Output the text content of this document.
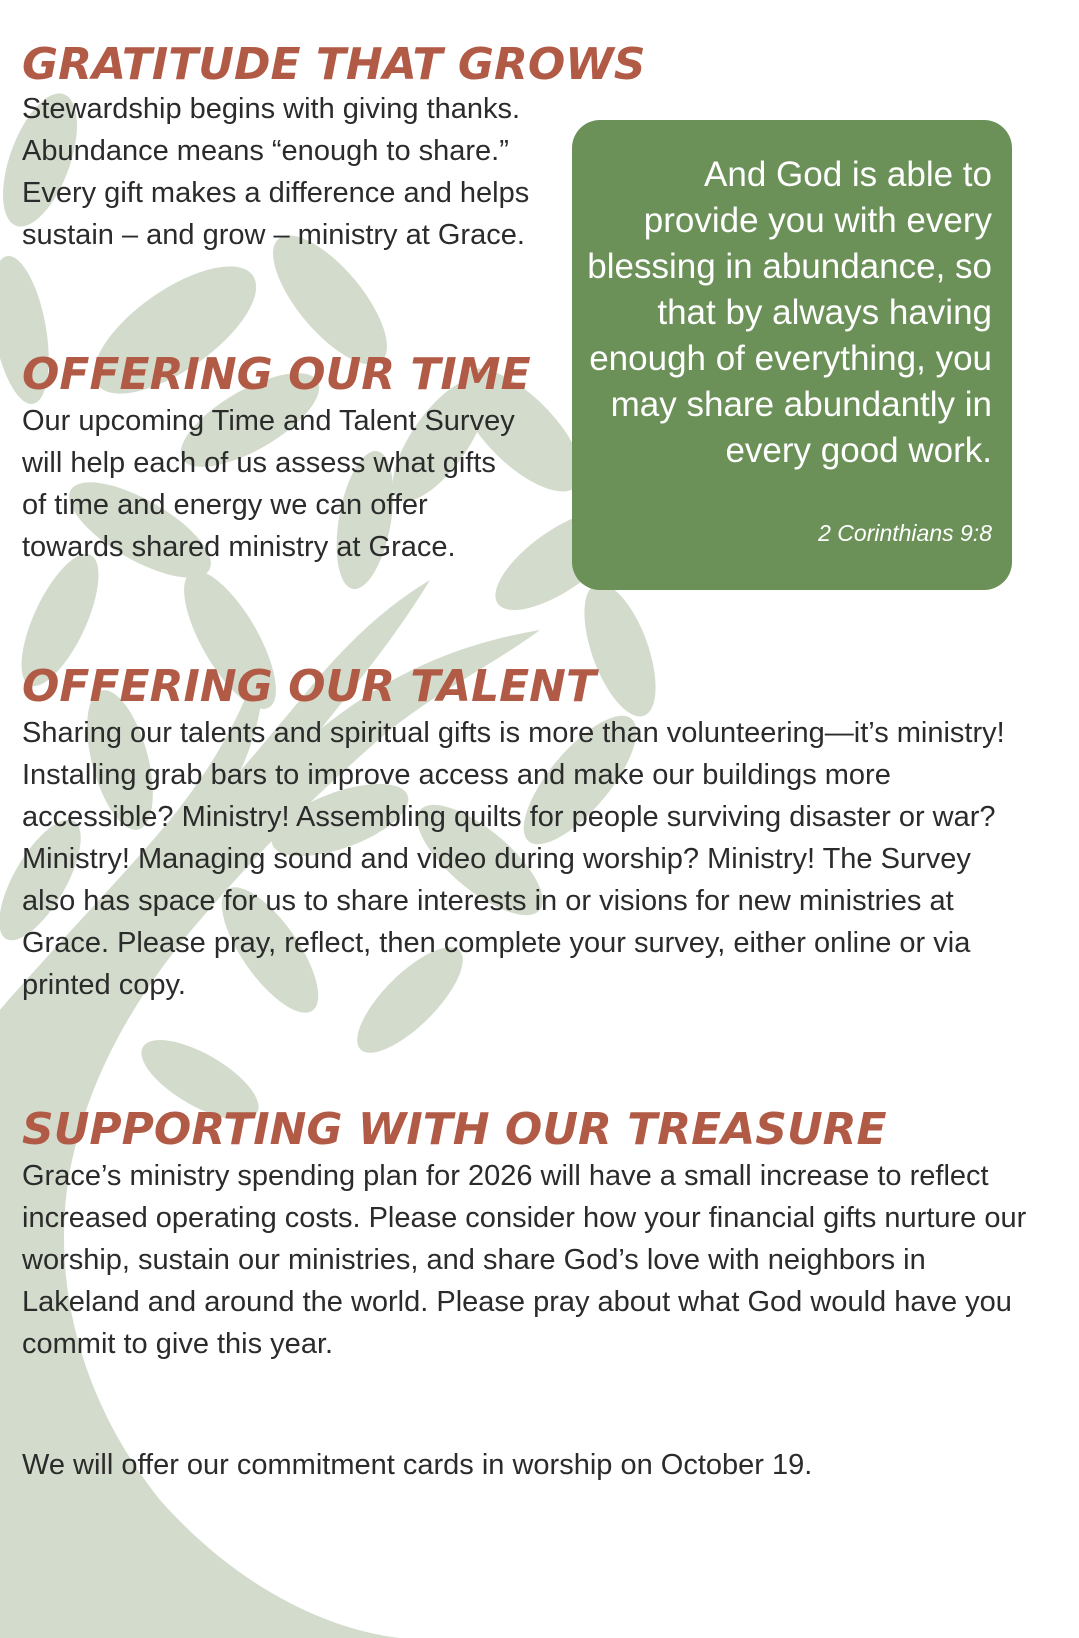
GRATITUDE THAT GROWS

Stewardship begins with giving thanks. Abundance means “enough to share.” Every gift makes a difference and helps sustain – and grow – ministry at Grace.

OFFERING OUR TIME

Our upcoming Time and Talent Survey will help each of us assess what gifts of time and energy we can offer towards shared ministry at Grace.

And God is able to provide you with every blessing in abundance, so that by always having enough of everything, you may share abundantly in every good work.
2 Corinthians 9:8
OFFERING OUR TALENT

Sharing our talents and spiritual gifts is more than volunteering—it’s ministry! Installing grab bars to improve access and make our buildings more accessible? Ministry! Assembling quilts for people surviving disaster or war? Ministry! Managing sound and video during worship? Ministry! The Survey also has space for us to share interests in or visions for new ministries at Grace. Please pray, reflect, then complete your survey, either online or via printed copy.

SUPPORTING WITH OUR TREASURE

Grace’s ministry spending plan for 2026 will have a small increase to reflect increased operating costs. Please consider how your financial gifts nurture our worship, sustain our ministries, and share God’s love with neighbors in Lakeland and around the world. Please pray about what God would have you commit to give this year.

We will offer our commitment cards in worship on October 19.
